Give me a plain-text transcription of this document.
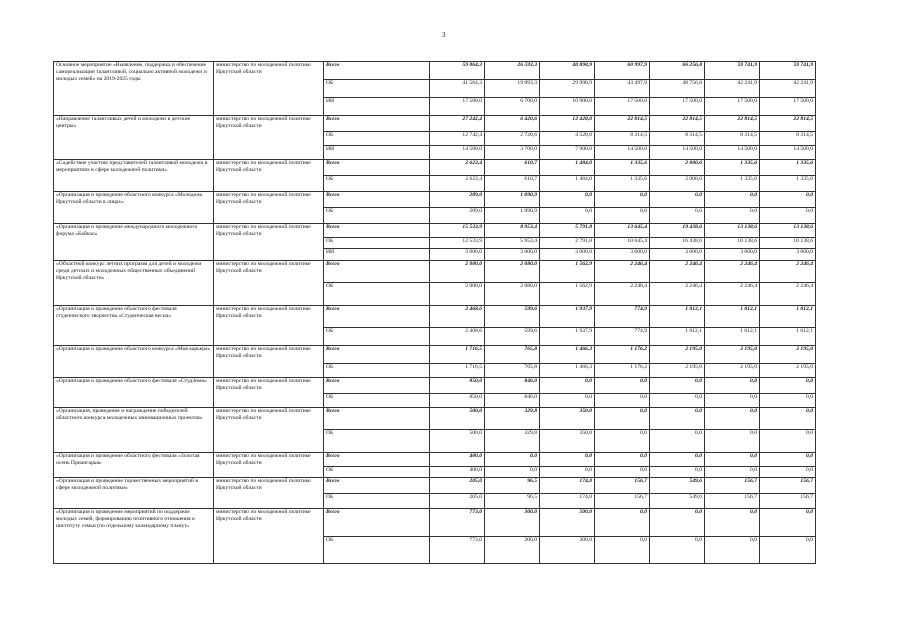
3
Основное мероприятие «Выявление, поддержка и обеспечение самореализации талантливой, социально активной молодежи и молодых семей» на 2019-2025 годы	министерство по молодежной политике Иркутской области	Всего	59 064,3	26 593,3	40 898,9	60 997,9	66 256,8	59 741,9	59 741,9
		ОБ	41 564,3	19 893,3	29 998,9	43 497,9	48 756,8	42 241,9	42 241,9
		ИИ	17 500,0	6 700,0	10 900,0	17 500,0	17 500,0	17 500,0	17 500,0
«Направление талантливых детей и молодежи в детские центры»	министерство по молодежной политике Иркутской области	Всего	27 242,4	6 420,6	12 428,0	22 814,5	22 814,5	22 814,5	22 814,5
		ОБ	12 742,4	2 720,6	4 528,0	8 314,5	8 314,5	8 314,5	8 314,5
		ИИ	14 500,0	3 700,0	7 900,0	14 500,0	14 500,0	14 500,0	14 500,0
«Содействие участию представителей талантливой молодежи в мероприятиях в сфере молодежной политики»	министерство по молодежной политике Иркутской области	Всего	2 623,4	610,7	1 484,0	1 335,6	2 000,6	1 335,6	1 335,6
		ОБ	2 623,4	610,7	1 484,0	1 335,6	2 000,6	1 335,6	1 335,6
«Организация и проведение областного конкурса «Молодежь Иркутской области в лицах»	министерство по молодежной политике Иркутской области	Всего	289,0	1 090,9	0,0	0,0	0,0	0,0	0,0
		ОБ	289,0	1 090,9	0,0	0,0	0,0	0,0	0,0
«Организация и проведение международного молодежного форума «Байкал»	министерство по молодежной политике Иркутской области	Всего	15 533,9	8 953,4	5 791,8	13 645,4	19 438,6	13 138,6	13 138,6
		ОБ	12 533,9	5 953,4	2 791,8	10 645,4	16 438,6	10 138,6	10 138,6
		ИИ	3 000,0	3 000,0	3 000,0	3 000,0	3 000,0	3 000,0	3 000,0
«Областной конкурс летних программ для детей и молодежи среди детских и молодежных общественных объединений Иркутской области»	министерство по молодежной политике Иркутской области	Всего	2 000,0	2 080,0	1 562,9	2 246,4	2 246,4	2 246,4	2 246,4
		ОБ	2 000,0	2 080,0	1 562,9	2 246,4	2 246,4	2 246,4	2 246,4
«Организация и проведение областного фестиваля студенческого творчества «Студенческая весна»	министерство по молодежной политике Иркутской области	Всего	2 468,6	599,6	1 937,9	774,9	1 012,1	1 012,1	1 012,1
		ОБ	2 468,6	599,6	1 937,9	774,9	1 012,1	1 012,1	1 012,1
«Организация и проведение областного конкурса «Моя карьера»	министерство по молодежной политике Иркутской области	Всего	1 716,5	765,8	1 466,3	1 176,2	2 195,0	2 195,0	2 195,0
		ОБ	1 716,5	765,8	1 466,3	1 176,2	2 195,0	2 195,0	2 195,0
«Организация и проведение областного фестиваля «СтудЗима»	министерство по молодежной политике Иркутской области	Всего	850,0	846,0	0,0	0,0	0,0	0,0	0,0
		ОБ	850,0	846,0	0,0	0,0	0,0	0,0	0,0
«Организация, проведение и награждение победителей областного конкурса молодежных инновационных проектов»	министерство по молодежной политике Иркутской области	Всего	500,0	329,8	350,0	0,0	0,0	0,0	0,0
		ОБ	500,0	329,8	350,0	0,0	0,0	0,0	0,0
«Организация и проведение областного фестиваля «Золотая осень Приангарья»	министерство по молодежной политике Иркутской области	Всего	400,0	0,0	0,0	0,0	0,0	0,0	0,0
		ОБ	400,0	0,0	0,0	0,0	0,0	0,0	0,0
«Организация и проведение торжественных мероприятий в сфере молодежной политики»	министерство по молодежной политике Иркутской области	Всего	205,0	96,5	174,0	156,7	549,6	156,7	156,7
		ОБ	205,0	96,5	174,0	156,7	549,6	156,7	156,7
«Организация и проведение мероприятий по поддержке молодых семей, формированию позитивного отношения к институту семьи (по отдельному календарному плану)»	министерство по молодежной политике Иркутской области	Всего	773,0	300,0	500,0	0,0	0,0	0,0	0,0
		ОБ	773,0	300,0	300,0	0,0	0,0	0,0	0,0
